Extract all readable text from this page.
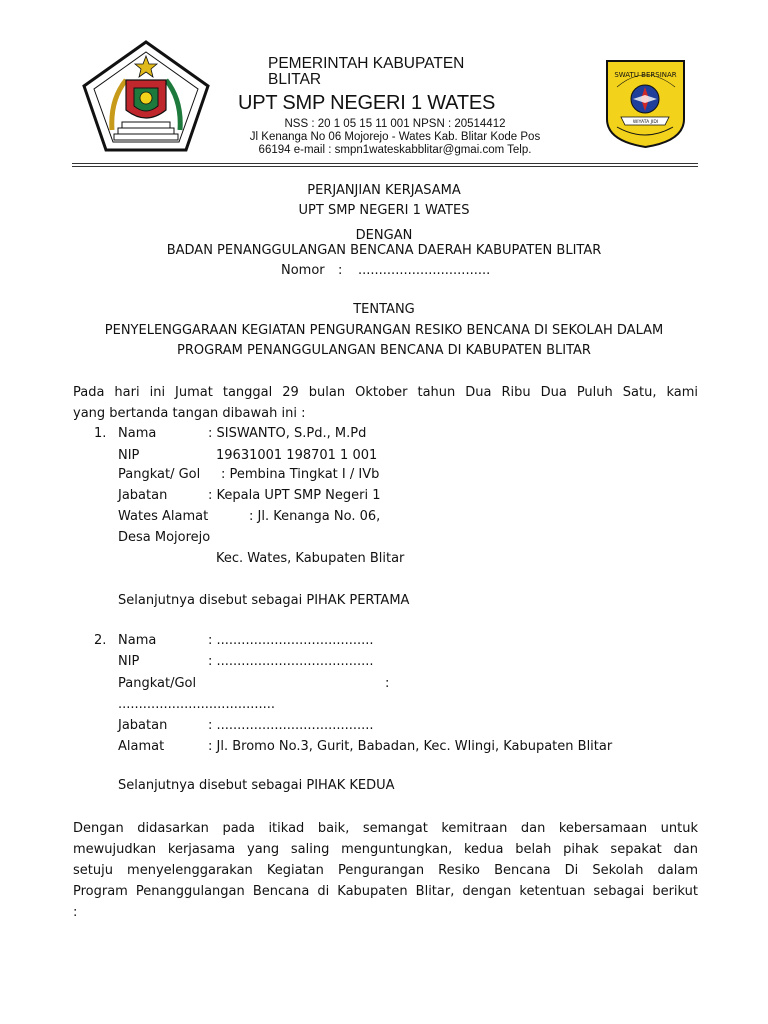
SWATU BERSINAR
WIYATA JIDI
PEMERINTAH KABUPATEN
BLITAR
UPT SMP NEGERI 1 WATES
NSS : 20 1 05 15 11 001 NPSN : 20514412
Jl Kenanga No 06 Mojorejo - Wates Kab. Blitar Kode Pos
66194 e-mail : smpn1wateskabblitar@gmai.com Telp.
PERJANJIAN KERJASAMA
UPT SMP NEGERI 1 WATES
DENGAN
BADAN PENANGGULANGAN BENCANA DAERAH KABUPATEN BLITAR
Nomor : ................................
TENTANG
PENYELENGGARAAN KEGIATAN PENGURANGAN RESIKO BENCANA DI SEKOLAH DALAM
PROGRAM PENANGGULANGAN BENCANA DI KABUPATEN BLITAR
Pada hari ini Jumat tanggal 29 bulan Oktober tahun Dua Ribu Dua Puluh Satu, kami
yang bertanda tangan dibawah ini :
1. Nama	: SISWANTO, S.Pd., M.Pd
NIP	19631001 198701 1 001
Pangkat/ Gol : Pembina Tingkat I / IVb
Jabatan	: Kepala UPT SMP Negeri 1
Wates Alamat	: Jl. Kenanga No. 06,
Desa Mojorejo
Kec. Wates, Kabupaten Blitar
Selanjutnya disebut sebagai PIHAK PERTAMA
2. Nama	: ......................................
NIP	: ......................................
Pangkat/Gol	:
......................................
Jabatan	: ......................................
Alamat	: Jl. Bromo No.3, Gurit, Babadan, Kec. Wlingi, Kabupaten Blitar
Selanjutnya disebut sebagai PIHAK KEDUA
Dengan didasarkan pada itikad baik, semangat kemitraan dan kebersamaan untuk
mewujudkan kerjasama yang saling menguntungkan, kedua belah pihak sepakat dan
setuju menyelenggarakan Kegiatan Pengurangan Resiko Bencana Di Sekolah dalam
Program Penanggulangan Bencana di Kabupaten Blitar, dengan ketentuan sebagai berikut
:
